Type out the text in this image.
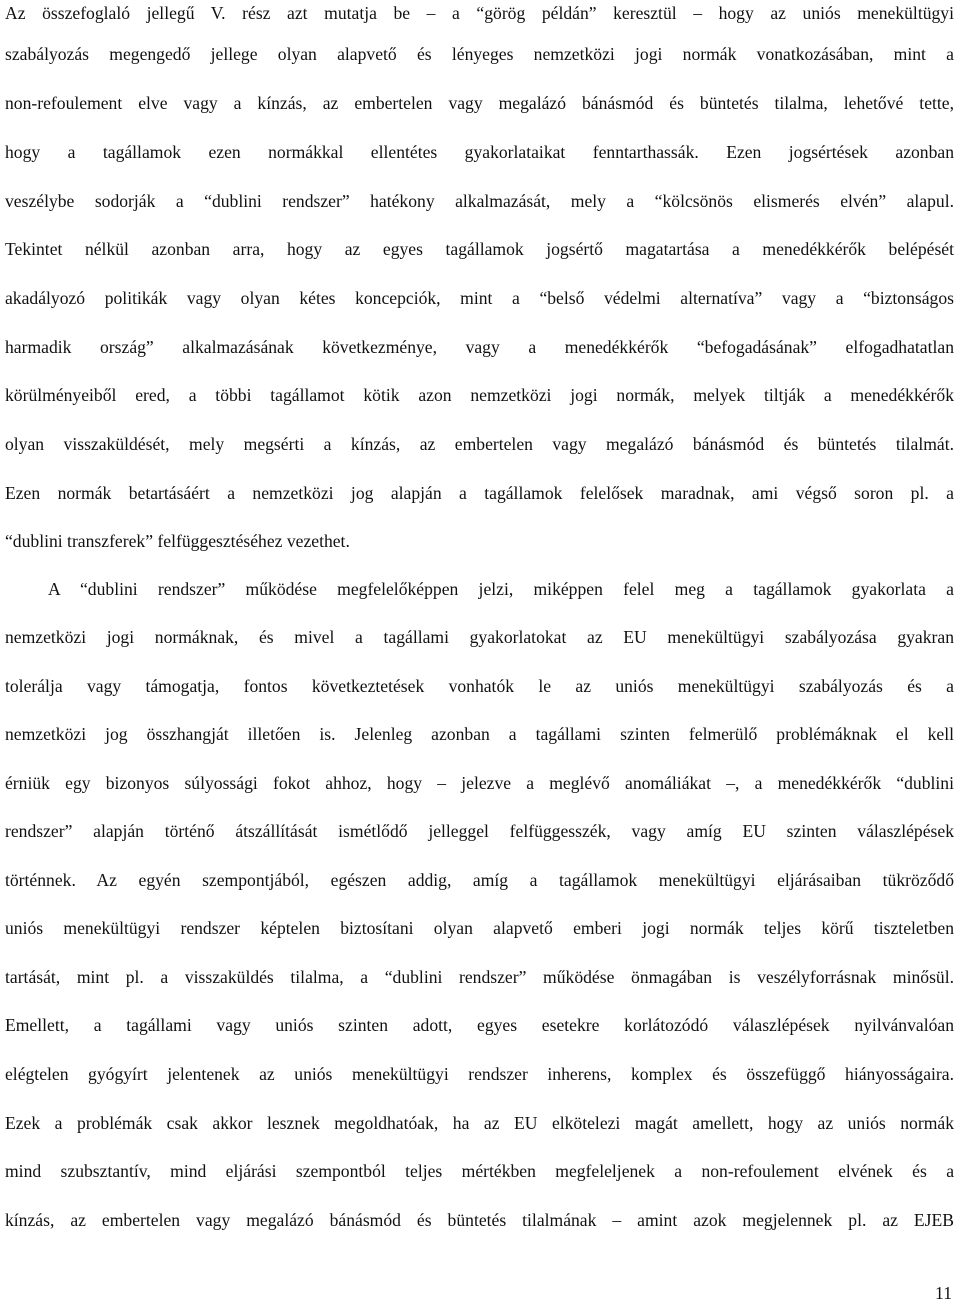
Az összefoglaló jellegű V. rész azt mutatja be – a “görög példán” keresztül – hogy az uniós menekültügyi
szabályozás megengedő jellege olyan alapvető és lényeges nemzetközi jogi normák vonatkozásában, mint a
non-refoulement elve vagy a kínzás, az embertelen vagy megalázó bánásmód és büntetés tilalma, lehetővé tette,
hogy a tagállamok ezen normákkal ellentétes gyakorlataikat fenntarthassák. Ezen jogsértések azonban
veszélybe sodorják a “dublini rendszer” hatékony alkalmazását, mely a “kölcsönös elismerés elvén” alapul.
Tekintet nélkül azonban arra, hogy az egyes tagállamok jogsértő magatartása a menedékkérők belépését
akadályozó politikák vagy olyan kétes koncepciók, mint a “belső védelmi alternatíva” vagy a “biztonságos
harmadik ország” alkalmazásának következménye, vagy a menedékkérők “befogadásának” elfogadhatatlan
körülményeiből ered, a többi tagállamot kötik azon nemzetközi jogi normák, melyek tiltják a menedékkérők
olyan visszaküldését, mely megsérti a kínzás, az embertelen vagy megalázó bánásmód és büntetés tilalmát.
Ezen normák betartásáért a nemzetközi jog alapján a tagállamok felelősek maradnak, ami végső soron pl. a
“dublini transzferek” felfüggesztéséhez vezethet.
A “dublini rendszer” működése megfelelőképpen jelzi, miképpen felel meg a tagállamok gyakorlata a
nemzetközi jogi normáknak, és mivel a tagállami gyakorlatokat az EU menekültügyi szabályozása gyakran
tolerálja vagy támogatja, fontos következtetések vonhatók le az uniós menekültügyi szabályozás és a
nemzetközi jog összhangját illetően is. Jelenleg azonban a tagállami szinten felmerülő problémáknak el kell
érniük egy bizonyos súlyossági fokot ahhoz, hogy – jelezve a meglévő anomáliákat –, a menedékkérők “dublini
rendszer” alapján történő átszállítását ismétlődő jelleggel felfüggesszék, vagy amíg EU szinten válaszlépések
történnek. Az egyén szempontjából, egészen addig, amíg a tagállamok menekültügyi eljárásaiban tükröződő
uniós menekültügyi rendszer képtelen biztosítani olyan alapvető emberi jogi normák teljes körű tiszteletben
tartását, mint pl. a visszaküldés tilalma, a “dublini rendszer” működése önmagában is veszélyforrásnak minősül.
Emellett, a tagállami vagy uniós szinten adott, egyes esetekre korlátozódó válaszlépések nyilvánvalóan
elégtelen gyógyírt jelentenek az uniós menekültügyi rendszer inherens, komplex és összefüggő hiányosságaira.
Ezek a problémák csak akkor lesznek megoldhatóak, ha az EU elkötelezi magát amellett, hogy az uniós normák
mind szubsztantív, mind eljárási szempontból teljes mértékben megfeleljenek a non-refoulement elvének és a
kínzás, az embertelen vagy megalázó bánásmód és büntetés tilalmának – amint azok megjelennek pl. az EJEB
11
